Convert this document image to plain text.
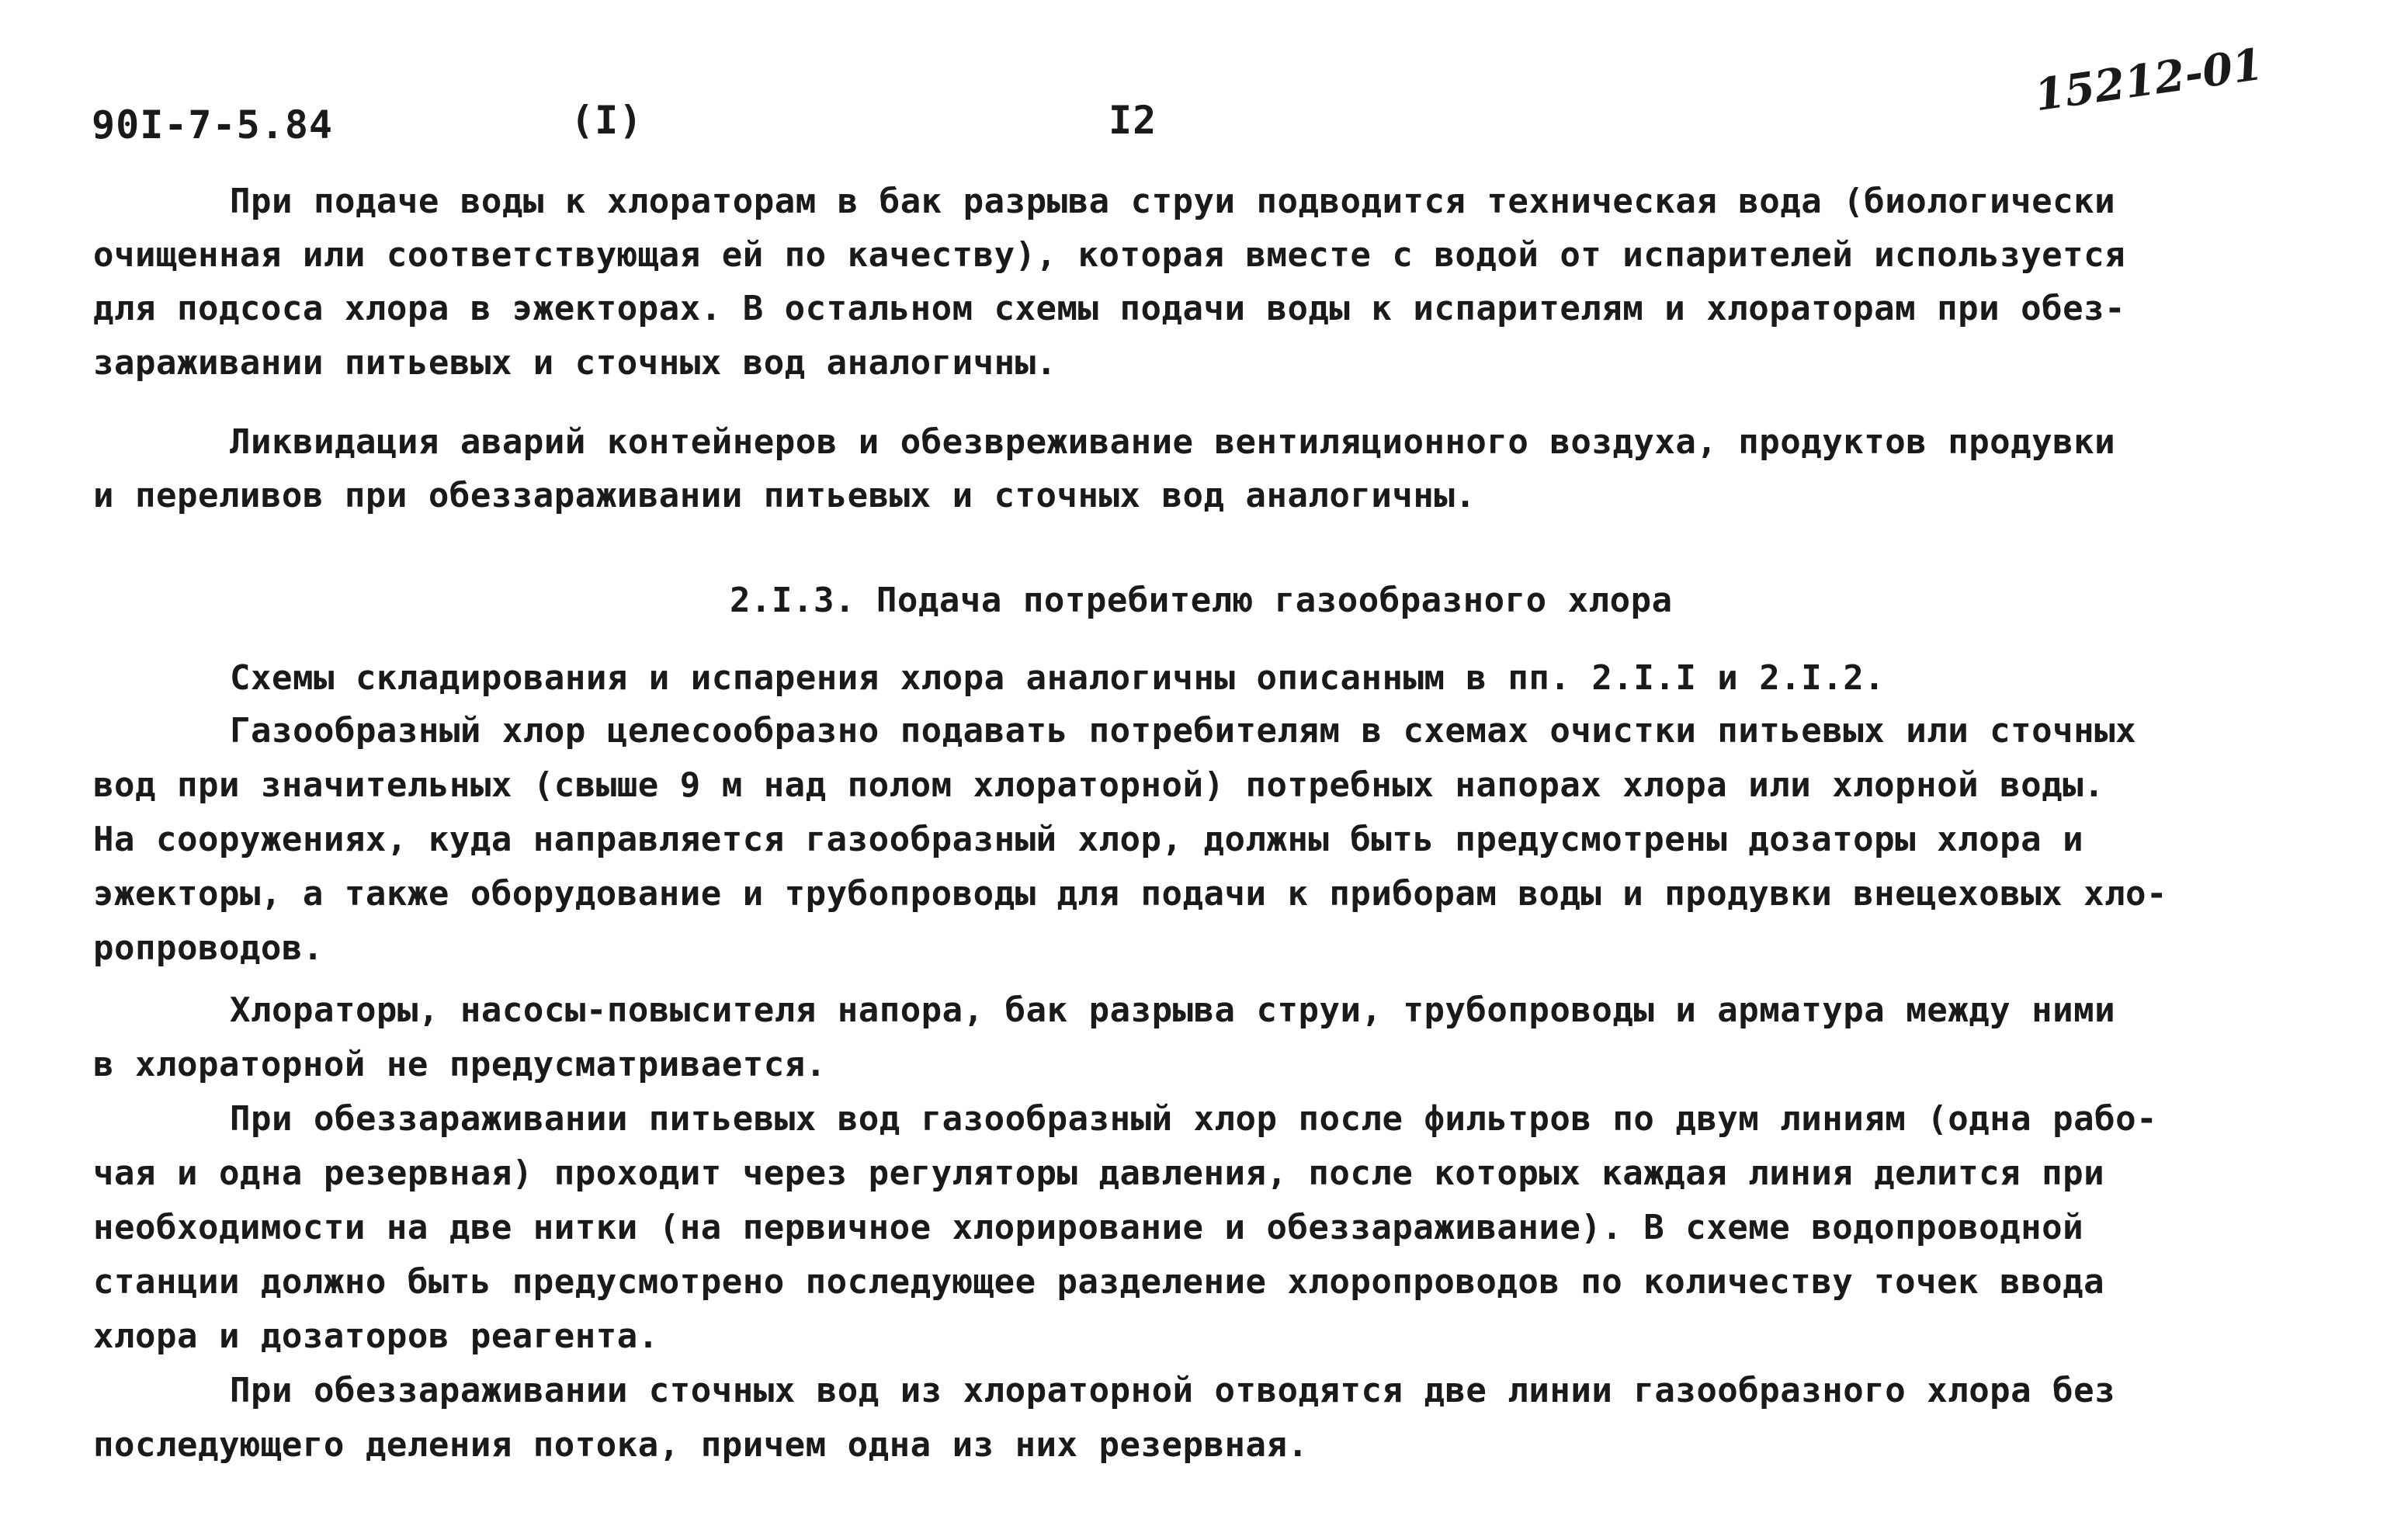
90I-7-5.84	(I)	I2	15212-01
При подаче воды к хлораторам в бак разрыва струи подводится техническая вода (биологически
очищенная или соответствующая ей по качеству), которая вместе с водой от испарителей используется
для подсоса хлора в эжекторах. В остальном схемы подачи воды к испарителям и хлораторам при обез-
зараживании питьевых и сточных вод аналогичны.
Ликвидация аварий контейнеров и обезвреживание вентиляционного воздуха, продуктов продувки
и переливов при обеззараживании питьевых и сточных вод аналогичны.
2.I.3. Подача потребителю газообразного хлора
Схемы складирования и испарения хлора аналогичны описанным в пп. 2.I.I и 2.I.2.
Газообразный хлор целесообразно подавать потребителям в схемах очистки питьевых или сточных
вод при значительных (свыше 9 м над полом хлораторной) потребных напорах хлора или хлорной воды.
На сооружениях, куда направляется газообразный хлор, должны быть предусмотрены дозаторы хлора и
эжекторы, а также оборудование и трубопроводы для подачи к приборам воды и продувки внецеховых хло-
ропроводов.
Хлораторы, насосы-повысителя напора, бак разрыва струи, трубопроводы и арматура между ними
в хлораторной не предусматривается.
При обеззараживании питьевых вод газообразный хлор после фильтров по двум линиям (одна рабо-
чая и одна резервная) проходит через регуляторы давления, после которых каждая линия делится при
необходимости на две нитки (на первичное хлорирование и обеззараживание). В схеме водопроводной
станции должно быть предусмотрено последующее разделение хлоропроводов по количеству точек ввода
хлора и дозаторов реагента.
При обеззараживании сточных вод из хлораторной отводятся две линии газообразного хлора без
последующего деления потока, причем одна из них резервная.
